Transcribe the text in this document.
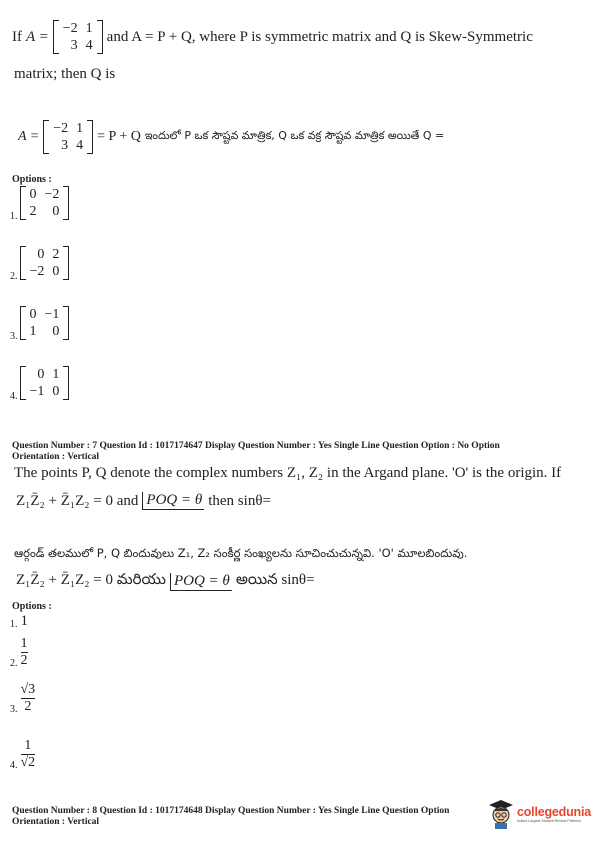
If A = −2	1
3	4
and A = P + Q, where P is symmetric matrix and Q is Skew-Symmetric
matrix; then Q is
A =
−2	1
3	4
= P + Q ఇందులో P ఒక సౌష్టవ మాత్రిక, Q ఒక వక్ర సౌష్టవ మాత్రిక అయితే Q =
Options :
1.
0	−2
2	0
2.
0	2
−2	0
3.
0	−1
1	0
4.
0	1
−1	0
Question Number : 7 Question Id : 1017174647 Display Question Number : Yes Single Line Question Option : No Option
Orientation : Vertical
The points P, Q denote the complex numbers Z₁, Z₂ in the Argand plane. 'O' is the origin. If
Z₁Z̄₂ + Z̄₁Z₂ = 0 and POQ = θ then sinθ=
ఆర్గండ్ తలములో P, Q బిందువులు Z₁, Z₂ సంకీర్ణ సంఖ్యలను సూచించుచున్నవి. 'O' మూలబిందువు.
Z₁Z̄₂ + Z̄₁Z₂ = 0 మరియు POQ = θ అయిన sinθ=
Options :
1. 1
2. $\frac{1}{2}$
3. $\frac{√3}{2}$
4. $\frac{1}{√2}$
Question Number : 8 Question Id : 1017174648 Display Question Number : Yes Single Line Question Option
Orientation : Vertical
collegedunia
India's Largest Student Review Platform
